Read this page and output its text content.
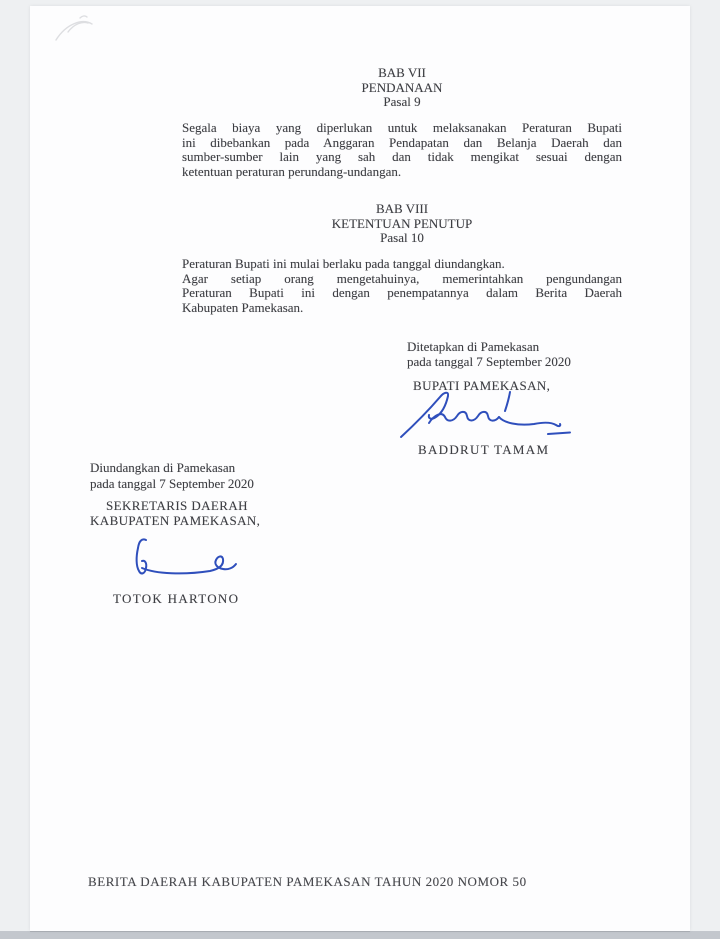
BAB VII
PENDANAAN
Pasal 9
Segala biaya yang diperlukan untuk melaksanakan Peraturan Bupati
ini dibebankan pada Anggaran Pendapatan dan Belanja Daerah dan
sumber-sumber lain yang sah dan tidak mengikat sesuai dengan
ketentuan peraturan perundang-undangan.
BAB VIII
KETENTUAN PENUTUP
Pasal 10
Peraturan Bupati ini mulai berlaku pada tanggal diundangkan.
Agar setiap orang mengetahuinya, memerintahkan pengundangan
Peraturan Bupati ini dengan penempatannya dalam Berita Daerah
Kabupaten Pamekasan.
Ditetapkan di Pamekasan
pada tanggal 7 September 2020
BUPATI PAMEKASAN,
BADDRUT TAMAM
Diundangkan di Pamekasan
pada tanggal 7 September 2020
SEKRETARIS DAERAH
KABUPATEN PAMEKASAN,
TOTOK HARTONO
BERITA DAERAH KABUPATEN PAMEKASAN TAHUN 2020 NOMOR 50
